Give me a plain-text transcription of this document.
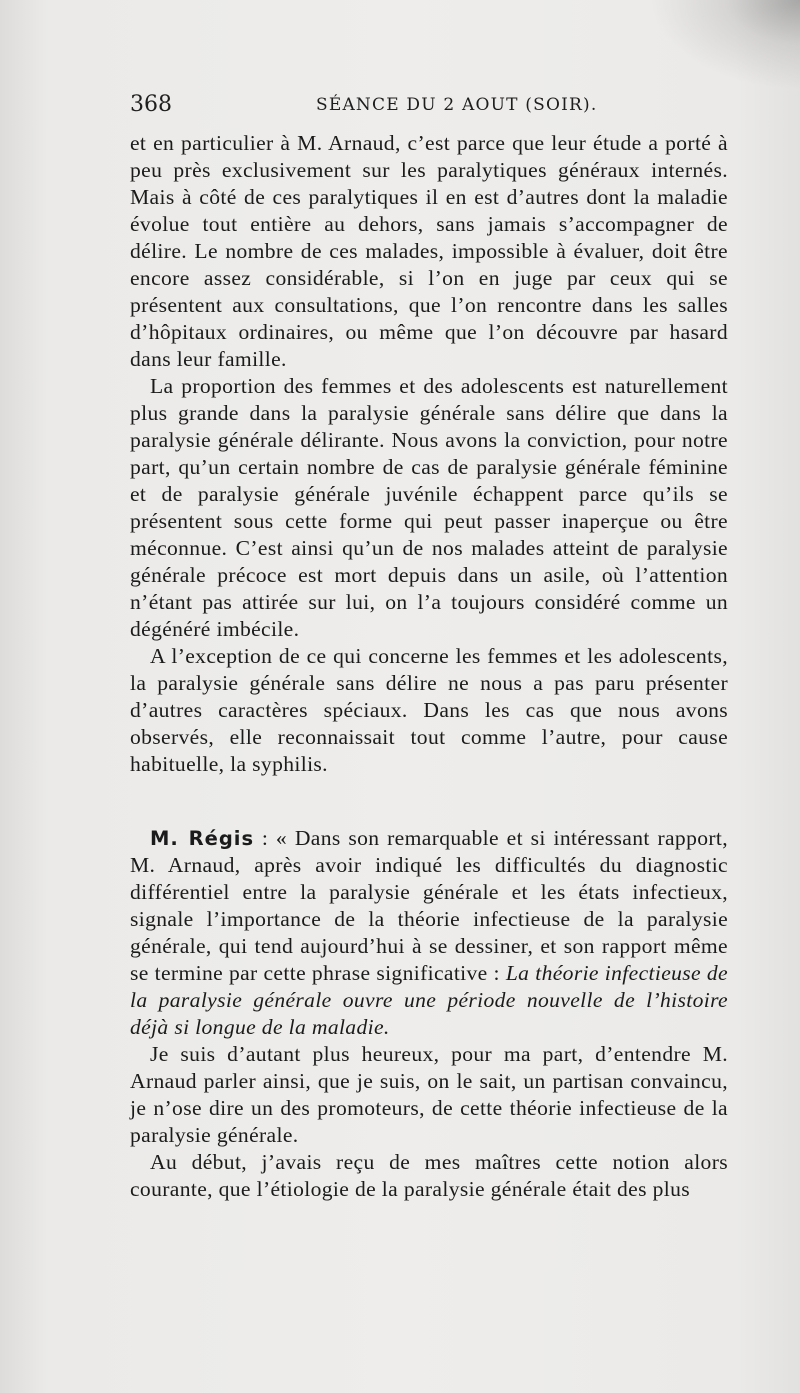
368	SÉANCE DU 2 AOUT (SOIR).

et en particulier à M. Arnaud, c’est parce que leur étude a porté à peu près exclusivement sur les paralytiques généraux internés. Mais à côté de ces paralytiques il en est d’autres dont la maladie évolue tout entière au dehors, sans jamais s’accompagner de délire. Le nombre de ces malades, impossible à évaluer, doit être encore assez considérable, si l’on en juge par ceux qui se présentent aux consultations, que l’on rencontre dans les salles d’hôpitaux ordinaires, ou même que l’on découvre par hasard dans leur famille.

La proportion des femmes et des adolescents est naturellement plus grande dans la paralysie générale sans délire que dans la paralysie générale délirante. Nous avons la conviction, pour notre part, qu’un certain nombre de cas de paralysie générale féminine et de paralysie générale juvénile échappent parce qu’ils se présentent sous cette forme qui peut passer inaperçue ou être méconnue. C’est ainsi qu’un de nos malades atteint de paralysie générale précoce est mort depuis dans un asile, où l’attention n’étant pas attirée sur lui, on l’a toujours considéré comme un dégénéré imbécile.

A l’exception de ce qui concerne les femmes et les adolescents, la paralysie générale sans délire ne nous a pas paru présenter d’autres caractères spéciaux. Dans les cas que nous avons observés, elle reconnaissait tout comme l’autre, pour cause habituelle, la syphilis.

M. Régis : « Dans son remarquable et si intéressant rapport, M. Arnaud, après avoir indiqué les difficultés du diagnostic différentiel entre la paralysie générale et les états infectieux, signale l’importance de la théorie infectieuse de la paralysie générale, qui tend aujourd’hui à se dessiner, et son rapport même se termine par cette phrase significative : La théorie infectieuse de la paralysie générale ouvre une période nouvelle de l’histoire déjà si longue de la maladie.

Je suis d’autant plus heureux, pour ma part, d’entendre M. Arnaud parler ainsi, que je suis, on le sait, un partisan convaincu, je n’ose dire un des promoteurs, de cette théorie infectieuse de la paralysie générale.

Au début, j’avais reçu de mes maîtres cette notion alors courante, que l’étiologie de la paralysie générale était des plus
